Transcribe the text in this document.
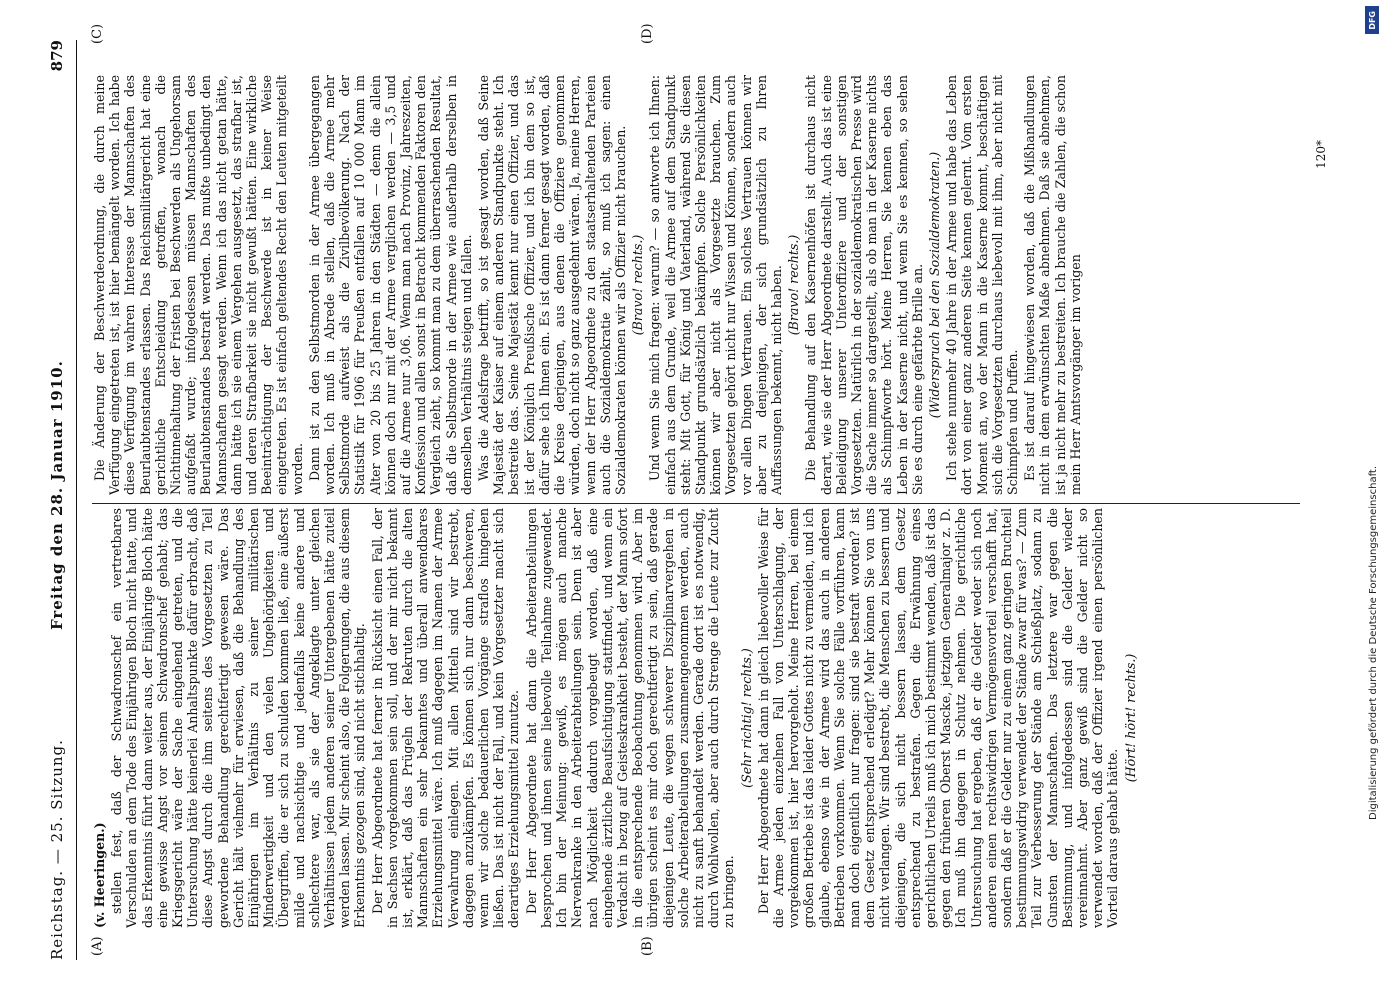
Reichstag. — 25. Sitzung.
Freitag den 28. Januar 1910.
879
(A)	(B)
(C)	(D)

(v. Heeringen.) stellen fest, daß der Schwadronschef ein vertretbares Verschulden an dem Tode des Einjährigen Bloch nicht hatte, und das Erkenntnis führt dann weiter aus, der Einjährige Bloch hätte eine gewisse Angst vor seinem Schwadronschef gehabt; das Kriegsgericht wäre der Sache eingehend getreten, und die Untersuchung hätte keinerlei Anhaltspunkte dafür erbracht, daß diese Angst durch die ihm seitens des Vorgesetzten zu Teil gewordene Behandlung gerechtfertigt gewesen wäre. Das Gericht hält vielmehr für erwiesen, daß die Behandlung des Einjährigen im Verhältnis zu seiner militärischen Minderwertigkeit und den vielen Ungehörigkeiten und Übergriffen, die er sich zu schulden kommen ließ, eine äußerst milde und nachsichtige und jedenfalls keine andere und schlechtere war, als sie der Angeklagte unter gleichen Verhältnissen jedem anderen seiner Untergebenen hätte zuteil werden lassen. Mir scheint also, die Folgerungen, die aus diesem Erkenntnis gezogen sind, sind nicht stichhaltig. Der Herr Abgeordnete hat ferner in Rücksicht einen Fall, der in Sachsen vorgekommen sein soll, und der mir nicht bekannt ist, erklärt, daß das Prügeln der Rekruten durch die alten Mannschaften ein sehr bekanntes und überall anwendbares Erziehungsmittel wäre. Ich muß dagegen im Namen der Armee Verwahrung einlegen. Mit allen Mitteln sind wir bestrebt, dagegen anzukämpfen. Es können sich nur dann beschweren, wenn wir solche bedauerlichen Vorgänge straflos hingehen ließen. Das ist nicht der Fall, und kein Vorgesetzter macht sich derartiges Erziehungsmittel zunutze. Der Herr Abgeordnete hat dann die Arbeiterabteilungen besprochen und ihnen seine liebevolle Teilnahme zugewendet. Ich bin der Meinung: gewiß, es mögen auch manche Nervenkranke in den Arbeiterabteilungen sein. Denn ist aber nach Möglichkeit dadurch vorgebeugt worden, daß eine eingehende ärztliche Beaufsichtigung stattfindet, und wenn ein Verdacht in bezug auf Geisteskrankheit besteht, der Mann sofort in die entsprechende Beobachtung genommen wird. Aber im übrigen scheint es mir doch gerechtfertigt zu sein, daß gerade diejenigen Leute, die wegen schwerer Disziplinarvergehen in solche Arbeiterabteilungen zusammengenommen werden, auch nicht zu sanft behandelt werden. Gerade dort ist es notwendig, durch Wohlwollen, aber auch durch Strenge die Leute zur Zucht zu bringen.

(Sehr richtig! rechts.) Der Herr Abgeordnete hat dann in gleich liebevoller Weise für die Armee jeden einzelnen Fall von Unterschlagung, der vorgekommen ist, hier hervorgeholt. Meine Herren, bei einem großen Betriebe ist das leider Gottes nicht zu vermeiden, und ich glaube, ebenso wie in der Armee wird das auch in anderen Betrieben vorkommen. Wenn Sie solche Fälle vorführen, kann man doch eigentlich nur fragen: sind sie bestraft worden? ist dem Gesetz entsprechend erledigt? Mehr können Sie von uns nicht verlangen. Wir sind bestrebt, die Menschen zu bessern und diejenigen, die sich nicht bessern lassen, dem Gesetz entsprechend zu bestrafen. Gegen die Erwähnung eines gerichtlichen Urteils muß ich mich bestimmt wenden, daß ist das gegen den früheren Oberst Mascke, jetzigen Generalmajor z. D. Ich muß ihn dagegen in Schutz nehmen. Die gerichtliche Untersuchung hat ergeben, daß er die Gelder weder sich noch anderen einen rechtswidrigen Vermögensvorteil verschafft hat, sondern daß er die Gelder nur zu einem ganz geringen Bruchteil bestimmungswidrig verwendet der Stände zwar für was? — Zum Teil zur Verbesserung der Stände am Schießplatz, sodann zu Gunsten der Mannschaften. Das letztere war gegen die Bestimmung, und infolgedessen sind die Gelder wieder vereinnahmt. Aber ganz gewiß sind die Gelder nicht so verwendet worden, daß der Offizier irgend einen persönlichen Vorteil daraus gehabt hätte.

(Hört! hört! rechts.)

Die Änderung der Beschwerdeordnung, die durch meine Verfügung eingetreten ist, ist hier bemängelt worden. Ich habe diese Verfügung im wahren Interesse der Mannschaften des Beurlaubtenstandes erlassen. Das Reichsmilitärgericht hat eine gerichtliche Entscheidung getroffen, wonach die Nichtinnehaltung der Fristen bei Beschwerden als Ungehorsam aufgefaßt wurde; infolgedessen müssen Mannschaften des Beurlaubtenstandes bestraft werden. Das mußte unbedingt den Mannschaften gesagt werden. Wenn ich das nicht getan hätte, dann hätte ich sie einem Vergehen ausgesetzt, das strafbar ist, und deren Strafbarkeit sie nicht gewußt hätten. Eine wirkliche Beeinträchtigung der Beschwerde ist in keiner Weise eingetreten. Es ist einfach geltendes Recht den Leuten mitgeteilt worden. Dann ist zu den Selbstmorden in der Armee übergegangen worden. Ich muß in Abrede stellen, daß die Armee mehr Selbstmorde aufweist als die Zivilbevölkerung. Nach der Statistik für 1906 für Preußen entfallen auf 10 000 Mann im Alter von 20 bis 25 Jahren in den Städten — denn die allein können doch nur mit der Armee verglichen werden — 3,5 und auf die Armee nur 3,06. Wenn man nach Provinz, Jahreszeiten, Konfession und allen sonst in Betracht kommenden Faktoren den Vergleich zieht, so kommt man zu dem überraschenden Resultat, daß die Selbstmorde in der Armee wie außerhalb derselben in demselben Verhältnis steigen und fallen. Was die Adelsfrage betrifft, so ist gesagt worden, daß Seine Majestät der Kaiser auf einem anderen Standpunkte steht. Ich bestreite das. Seine Majestät kennt nur einen Offizier, und das ist der Königlich Preußische Offizier, und ich bin dem so ist, dafür sehe ich Ihnen ein. Es ist dann ferner gesagt worden, daß die Kreise derjenigen, aus denen die Offiziere genommen würden, doch nicht so ganz ausgedehnt wären. Ja, meine Herren, wenn der Herr Abgeordnete zu den staatserhaltenden Parteien auch die Sozialdemokratie zählt, so muß ich sagen: einen Sozialdemokraten können wir als Offizier nicht brauchen. (Bravo! rechts.) Und wenn Sie mich fragen: warum? — so antworte ich Ihnen: einfach aus dem Grunde, weil die Armee auf dem Standpunkt steht: Mit Gott, für König und Vaterland, während Sie diesen Standpunkt grundsätzlich bekämpfen. Solche Persönlichkeiten können wir aber nicht als Vorgesetzte brauchen. Zum Vorgesetzten gehört nicht nur Wissen und Können, sondern auch vor allen Dingen Vertrauen. Ein solches Vertrauen können wir aber zu denjenigen, der sich grundsätzlich zu Ihren Auffassungen bekennt, nicht haben. (Bravo! rechts.) Die Behandlung auf den Kasernenhöfen ist durchaus nicht derart, wie sie der Herr Abgeordnete darstellt. Auch das ist eine Beleidigung unserer Unteroffiziere und der sonstigen Vorgesetzten. Natürlich in der sozialdemokratischen Presse wird die Sache immer so dargestellt, als ob man in der Kaserne nichts als Schimpfworte hört. Meine Herren, Sie kennen eben das Leben in der Kaserne nicht, und wenn Sie es kennen, so sehen Sie es durch eine gefärbte Brille an. (Widerspruch bei den Sozialdemokraten.) Ich stehe nunmehr 40 Jahre in der Armee und habe das Leben dort von einer ganz anderen Seite kennen gelernt. Vom ersten Moment an, wo der Mann in die Kaserne kommt, beschäftigen sich die Vorgesetzten durchaus liebevoll mit ihm, aber nicht mit Schimpfen und Puffen. Es ist darauf hingewiesen worden, daß die Mißhandlungen nicht in dem erwünschten Maße abnehmen. Daß sie abnehmen, ist ja nicht mehr zu bestreiten. Ich brauche die Zahlen, die schon mein Herr Amtsvorgänger im vorigen

120*
DFG
Digitalisierung gefördert durch die Deutsche Forschungsgemeinschaft.
